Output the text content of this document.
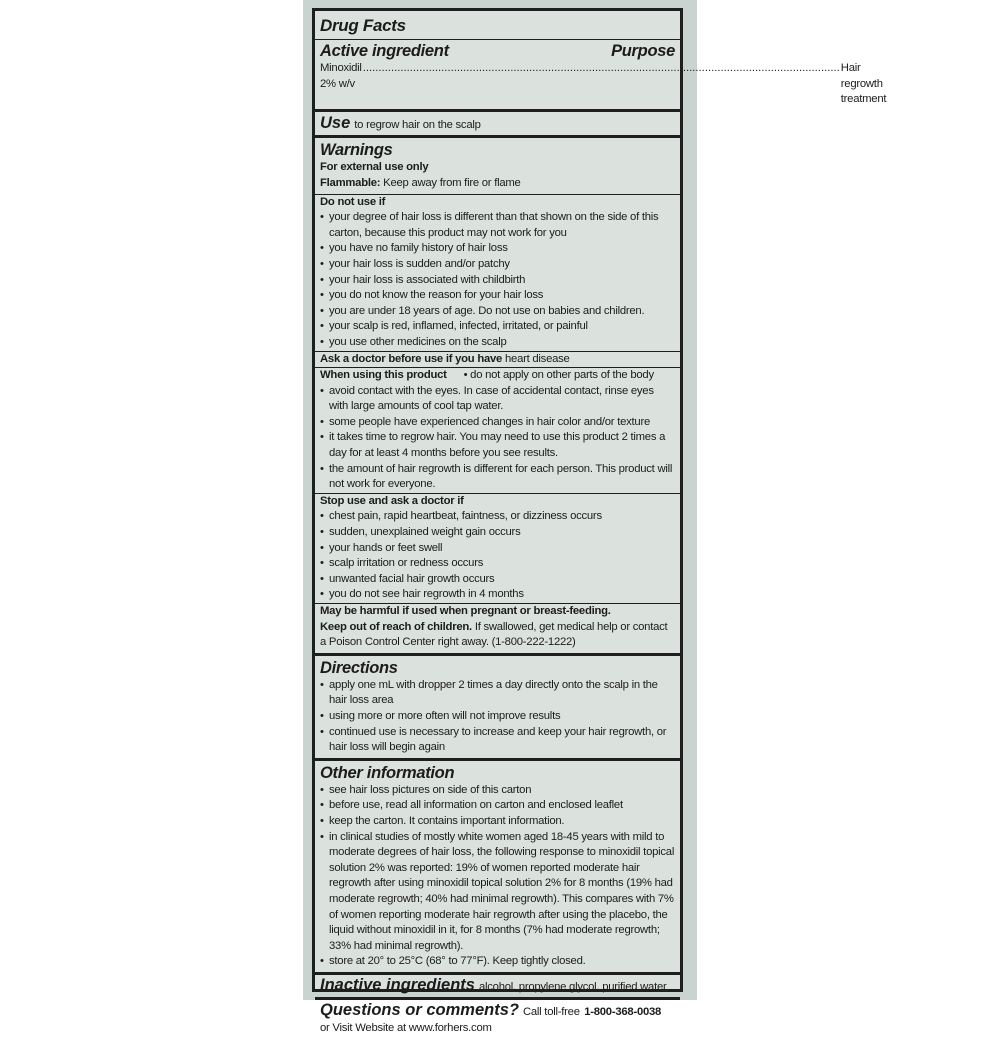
Drug Facts
Active ingredient	Purpose
Minoxidil 2% w/v
.....
Hair regrowth treatment
Use to regrow hair on the scalp
Warnings
For external use only
Flammable: Keep away from fire or flame
Do not use if
• your degree of hair loss is different than that shown on the side of this carton, because this product may not work for you
• you have no family history of hair loss
• your hair loss is sudden and/or patchy
• your hair loss is associated with childbirth
• you do not know the reason for your hair loss
• you are under 18 years of age. Do not use on babies and children.
• your scalp is red, inflamed, infected, irritated, or painful
• you use other medicines on the scalp
Ask a doctor before use if you have heart disease
When using this product • do not apply on other parts of the body
• avoid contact with the eyes. In case of accidental contact, rinse eyes with large amounts of cool tap water.
• some people have experienced changes in hair color and/or texture
• it takes time to regrow hair. You may need to use this product 2 times a day for at least 4 months before you see results.
• the amount of hair regrowth is different for each person. This product will not work for everyone.
Stop use and ask a doctor if
• chest pain, rapid heartbeat, faintness, or dizziness occurs
• sudden, unexplained weight gain occurs
• your hands or feet swell
• scalp irritation or redness occurs
• unwanted facial hair growth occurs
• you do not see hair regrowth in 4 months
May be harmful if used when pregnant or breast-feeding.
Keep out of reach of children. If swallowed, get medical help or contact a Poison Control Center right away. (1-800-222-1222)
Directions
• apply one mL with dropper 2 times a day directly onto the scalp in the hair loss area
• using more or more often will not improve results
• continued use is necessary to increase and keep your hair regrowth, or hair loss will begin again
Other information
• see hair loss pictures on side of this carton
• before use, read all information on carton and enclosed leaflet
• keep the carton. It contains important information.
• in clinical studies of mostly white women aged 18-45 years with mild to moderate degrees of hair loss, the following response to minoxidil topical solution 2% was reported: 19% of women reported moderate hair regrowth after using minoxidil topical solution 2% for 8 months (19% had moderate regrowth; 40% had minimal regrowth). This compares with 7% of women reporting moderate hair regrowth after using the placebo, the liquid without minoxidil in it, for 8 months (7% had moderate regrowth; 33% had minimal regrowth).
• store at 20° to 25°C (68° to 77°F). Keep tightly closed.
Inactive ingredients alcohol, propylene glycol, purified water
Questions or comments? Call toll-free 1-800-368-0038
or Visit Website at www.forhers.com
